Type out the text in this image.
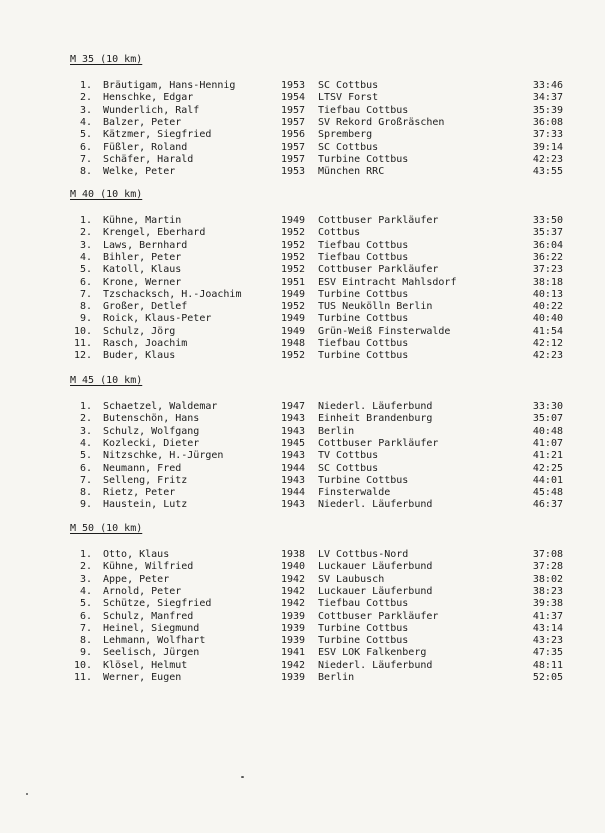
M 35 (10 km)
1. Bräutigam, Hans-Hennig	1953 SC Cottbus	33:46
2. Henschke, Edgar	1954 LTSV Forst	34:37
3. Wunderlich, Ralf	1957 Tiefbau Cottbus	35:39
4. Balzer, Peter	1957 SV Rekord Großräschen	36:08
5. Kätzmer, Siegfried	1956 Spremberg	37:33
6. Füßler, Roland	1957 SC Cottbus	39:14
7. Schäfer, Harald	1957 Turbine Cottbus	42:23
8. Welke, Peter	1953 München RRC	43:55
M 40 (10 km)
1. Kühne, Martin	1949 Cottbuser Parkläufer	33:50
2. Krengel, Eberhard	1952 Cottbus	35:37
3. Laws, Bernhard	1952 Tiefbau Cottbus	36:04
4. Bihler, Peter	1952 Tiefbau Cottbus	36:22
5. Katoll, Klaus	1952 Cottbuser Parkläufer	37:23
6. Krone, Werner	1951 ESV Eintracht Mahlsdorf	38:18
7. Tzschacksch, H.-Joachim	1949 Turbine Cottbus	40:13
8. Großer, Detlef	1952 TUS Neukölln Berlin	40:22
9. Roick, Klaus-Peter	1949 Turbine Cottbus	40:40
10. Schulz, Jörg	1949 Grün-Weiß Finsterwalde	41:54
11. Rasch, Joachim	1948 Tiefbau Cottbus	42:12
12. Buder, Klaus	1952 Turbine Cottbus	42:23
M 45 (10 km)
1. Schaetzel, Waldemar	1947 Niederl. Läuferbund	33:30
2. Butenschön, Hans	1943 Einheit Brandenburg	35:07
3. Schulz, Wolfgang	1943 Berlin	40:48
4. Kozlecki, Dieter	1945 Cottbuser Parkläufer	41:07
5. Nitzschke, H.-Jürgen	1943 TV Cottbus	41:21
6. Neumann, Fred	1944 SC Cottbus	42:25
7. Selleng, Fritz	1943 Turbine Cottbus	44:01
8. Rietz, Peter	1944 Finsterwalde	45:48
9. Haustein, Lutz	1943 Niederl. Läuferbund	46:37
M 50 (10 km)
1. Otto, Klaus	1938 LV Cottbus-Nord	37:08
2. Kühne, Wilfried	1940 Luckauer Läuferbund	37:28
3. Appe, Peter	1942 SV Laubusch	38:02
4. Arnold, Peter	1942 Luckauer Läuferbund	38:23
5. Schütze, Siegfried	1942 Tiefbau Cottbus	39:38
6. Schulz, Manfred	1939 Cottbuser Parkläufer	41:37
7. Heinel, Siegmund	1939 Turbine Cottbus	43:14
8. Lehmann, Wolfhart	1939 Turbine Cottbus	43:23
9. Seelisch, Jürgen	1941 ESV LOK Falkenberg	47:35
10. Klösel, Helmut	1942 Niederl. Läuferbund	48:11
11. Werner, Eugen	1939 Berlin	52:05
